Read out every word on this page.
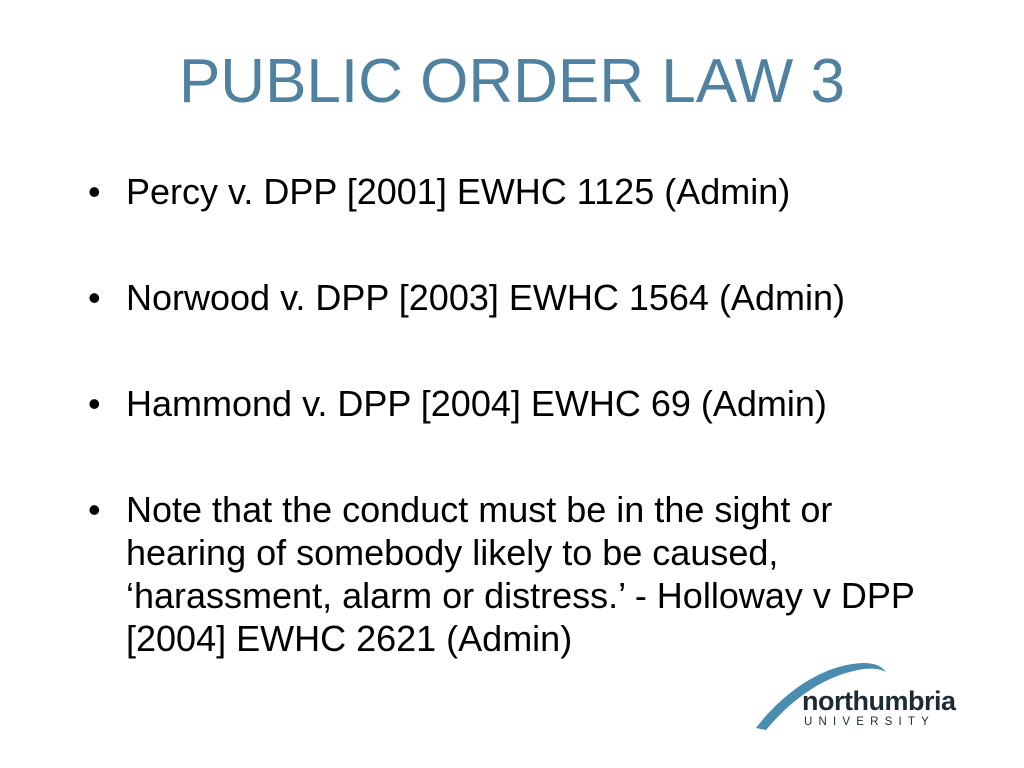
PUBLIC ORDER LAW 3
• Percy v. DPP [2001] EWHC 1125 (Admin)
• Norwood v. DPP [2003] EWHC 1564 (Admin)
• Hammond v. DPP [2004] EWHC 69 (Admin)
• Note that the conduct must be in the sight or hearing of somebody likely to be caused, ‘harassment, alarm or distress.’ - Holloway v DPP [2004] EWHC 2621 (Admin)
northumbria
UNIVERSITY
